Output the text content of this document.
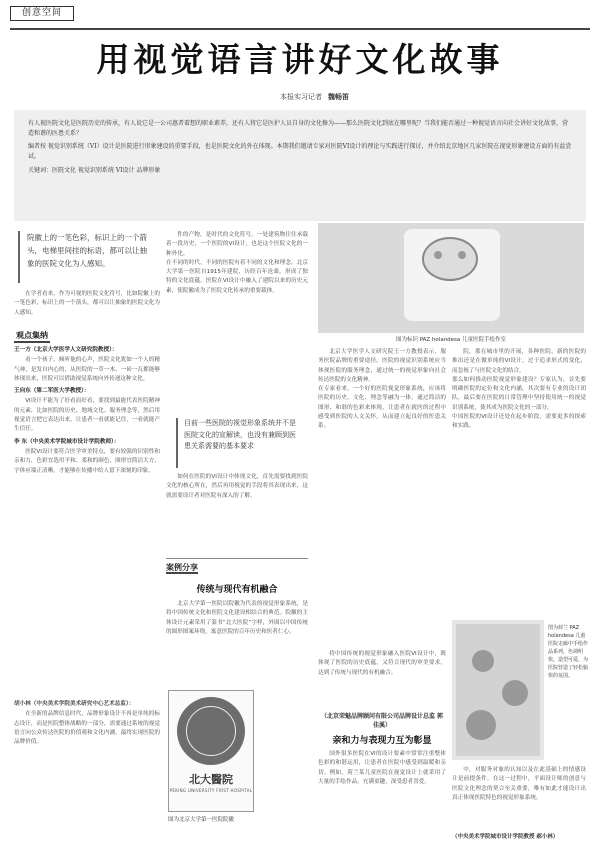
创意空间
用视觉语言讲好文化故事
本报实习记者 魏畅笛

有人视医院文化是医院历史的传承，有人说它是一公司惠者着想的职业素养，还有人将它是医护人员自身的文化修为——那么医院文化到底在哪里呢？当我们能否通过一种视觉语言向社会讲好文化故事，营造和谐的医患关系？

编者按 视觉识别系统（VI）设计是医院进行形象建设的重要手段，也是医院文化的外在体现。本期我们邀请专家对医院VI设计的理论与实践进行探讨，并介绍北京地区几家医院在视觉形象建设方面的有益尝试。

关键词：医院文化 视觉识别系统 VI设计 品牌形象

院徽上的一笔色彩，标识上的一个箭头，电梯里间挂的标语，都可以让抽象的医院文化为人感知。

在学者看来，作为可视的医院文化符号，比如院徽上的一笔色彩，标识上的一个箭头，都可以让抽象的医院文化为人感知。

观点集纳

王一方（北京大学医学人文研究院教授）：

看一个孩子，倾听他的心声，医院文化犹如一个人的精气神，是发自内心的，从医院的一草一木、一砖一瓦都能够体现出来，医院可以借助视觉系统向外传递这种文化。

王向东（第二军医大学教授）：

VI设计不能为了好看而好看，要找到最能代表医院精神的元素，比如医院的历史、地域文化、服务理念等，然后用视觉语言把它表达出来，让患者一看就能记住，一看就能产生信任。

李 东（中央美术学院城市设计学院教师）：

医院VI设计要符合医学审美特点，要有较强的识别性和亲和力，色彩宜选用平和、柔和的颜色，图形宜简洁大方，字体应端正清晰，才能够在传播中给人留下深刻的印象。

胡小林（中央美术学院美术研究中心艺术总监）：

在全新的品牌信息时代，品牌形象设计不再是单纯的标志设计，而是医院整体战略的一部分，需要通过系统的视觉语言向公众传达医院的价值观和文化内涵，最终实现医院的品牌价值。

件的产物，是时代的文化符号。一处建筑物往往承载着一段历史，一个医院的VI设计，也是这个医院文化的一种外化。
在不同的时代，不同的医院有着不同的文化和理念。北京大学第一医院自1915年建院，历经百年沧桑，形成了独特的文化底蕴。医院在VI设计中融入了建院以来的历史元素，使院徽成为了医院文化传承的重要载体。

目前一些医院的视觉形象系统并不是医院文化的宣解读，也没有兼顾到医患关系需要的基本要求

如何在医院的VI设计中体现文化，首先需要找到医院文化的核心所在，然后再用视觉的手段将其表现出来，这就需要设计者对医院有深入的了解。

案例分享
传统与现代有机融合

北京大学第一医院以院徽为代表的视觉形象系统，是将中国传统文化和医院文化建设相结合的典范。院徽的主体设计元素采用了篆书“北大医院”字样，外围以中国传统的圆形图案环绕，寓意医院的百年历史和医者仁心。

北大醫院
PEKING UNIVERSITY FIRST HOSPITAL
图为北京大学第一医院院徽
图为标识 PAZ holandesa 儿童医院手绘作室

北京大学医学人文研究院王一方教授表示，服务医院品牌的重要途径。医院的视觉识别系统应当体现医院的服务理念，通过统一的视觉形象向社会传达医院的文化精神。
在专家看来，一个好的医院视觉形象系统，应该将医院的历史、文化、理念等融为一体，通过简洁的图形、和谐的色彩来体现，让患者在就医的过程中感受到医院的人文关怀，从而建立起良好的医患关系。

院，那在城市里的开展，各种医院，新的医院的推出还是在做单纯的VI设计，过于追求形式的变化，而忽视了与医院文化的结合。
那么如何推动医院视觉形象建设？专家认为，首先要明确医院的定位和文化内涵，其次要有专业的设计团队，最后要在医院的日常管理中坚持使用统一的视觉识别系统，使其成为医院文化的一部分。
中国医院的VI设计还处在起步阶段，需要更多的探索和实践。

将中国传统的视觉形象融入医院VI设计中，既体现了医院的历史底蕴，又符合现代的审美要求，达到了传统与现代的有机融合。

（北京荣魅品牌顾问有限公司品牌设计总监 郭佳溪）
亲和力与表现力互为彰显

国外很多医院在VI的设计要素中常常注重整体色彩的和谐运用，让患者在医院中感受到温暖和亲切。例如，荷兰某儿童医院在视觉设计上就采用了大量的手绘作品，充满童趣，深受患者喜爱。

图为荷兰 PAZ holandesa 儿童医院走廊中手绘作品系列，色调明快，造型可爱，为医院营造了轻松愉快的氛围。

中，对服务对象的认知以及在此基础上的情感设计是前提条件。在这一过程中，平面设计师的创意与医院文化理念的契合至关重要，唯有如此才能设计出真正体现医院特色的视觉形象系统。

（中央美术学院城市设计学院教授 郝小林）
